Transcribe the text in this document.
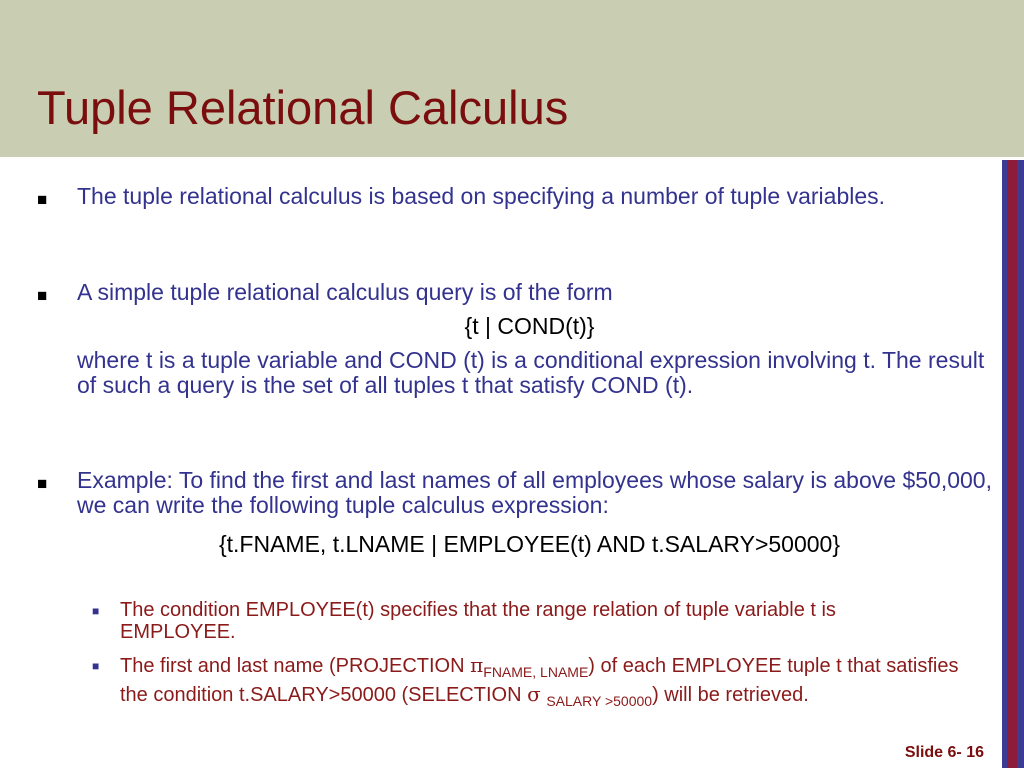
Tuple Relational Calculus
■ The tuple relational calculus is based on specifying a number of tuple variables.
■ A simple tuple relational calculus query is of the form
{t | COND(t)}
where t is a tuple variable and COND (t) is a conditional expression involving t. The result of such a query is the set of all tuples t that satisfy COND (t).
■ Example: To find the first and last names of all employees whose salary is above $50,000, we can write the following tuple calculus expression:
{t.FNAME, t.LNAME | EMPLOYEE(t) AND t.SALARY>50000}
■ The condition EMPLOYEE(t) specifies that the range relation of tuple variable t is EMPLOYEE.
■ The first and last name (PROJECTION $\pi_{FNAME, LNAME}$) of each EMPLOYEE tuple t that satisfies the condition t.SALARY>50000 (SELECTION σ $_{SALARY >50000}$) will be retrieved.
Slide 6- 16
